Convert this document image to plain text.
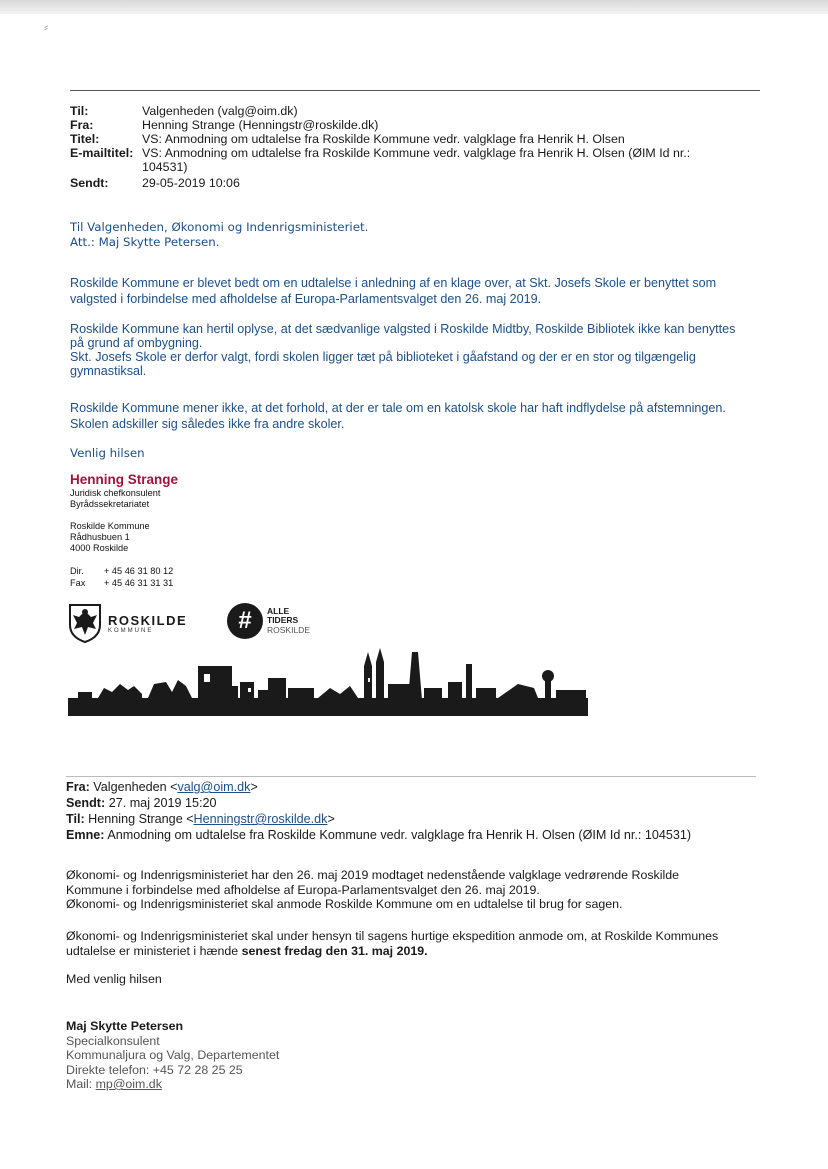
⸗
Til:	Valgenheden (valg@oim.dk)
Fra:	Henning Strange (Henningstr@roskilde.dk)
Titel:	VS: Anmodning om udtalelse fra Roskilde Kommune vedr. valgklage fra Henrik H. Olsen
E-mailtitel: VS: Anmodning om udtalelse fra Roskilde Kommune vedr. valgklage fra Henrik H. Olsen (ØIM Id nr.:
104531)
Sendt:	29-05-2019 10:06

Til Valgenheden, Økonomi og Indenrigsministeriet.

Att.: Maj Skytte Petersen.

Roskilde Kommune er blevet bedt om en udtalelse i anledning af en klage over, at Skt. Josefs Skole er benyttet som

valgsted i forbindelse med afholdelse af Europa-Parlamentsvalget den 26. maj 2019.

Roskilde Kommune kan hertil oplyse, at det sædvanlige valgsted i Roskilde Midtby, Roskilde Bibliotek ikke kan benyttes

på grund af ombygning.

Skt. Josefs Skole er derfor valgt, fordi skolen ligger tæt på biblioteket i gåafstand og der er en stor og tilgængelig

gymnastiksal.

Roskilde Kommune mener ikke, at det forhold, at der er tale om en katolsk skole har haft indflydelse på afstemningen.

Skolen adskiller sig således ikke fra andre skoler.

Venlig hilsen
Henning Strange

Juridisk chefkonsulent

Byrådssekretariatet

Roskilde Kommune

Rådhusbuen 1

4000 Roskilde

Dir.	+ 45 46 31 80 12
Fax	+ 45 46 31 31 31
ROSKILDE
KOMMUNE	#	ALLE
TIDERS
ROSKILDE

Fra: Valgenheden <valg@oim.dk>

Sendt: 27. maj 2019 15:20

Til: Henning Strange <Henningstr@roskilde.dk>

Emne: Anmodning om udtalelse fra Roskilde Kommune vedr. valgklage fra Henrik H. Olsen (ØIM Id nr.: 104531)

Økonomi- og Indenrigsministeriet har den 26. maj 2019 modtaget nedenstående valgklage vedrørende Roskilde

Kommune i forbindelse med afholdelse af Europa-Parlamentsvalget den 26. maj 2019.

Økonomi- og Indenrigsministeriet skal anmode Roskilde Kommune om en udtalelse til brug for sagen.

Økonomi- og Indenrigsministeriet skal under hensyn til sagens hurtige ekspedition anmode om, at Roskilde Kommunes

udtalelse er ministeriet i hænde senest fredag den 31. maj 2019.

Med venlig hilsen
Maj Skytte Petersen
Specialkonsulent
Kommunaljura og Valg, Departementet
Direkte telefon: +45 72 28 25 25
Mail: mp@oim.dk
